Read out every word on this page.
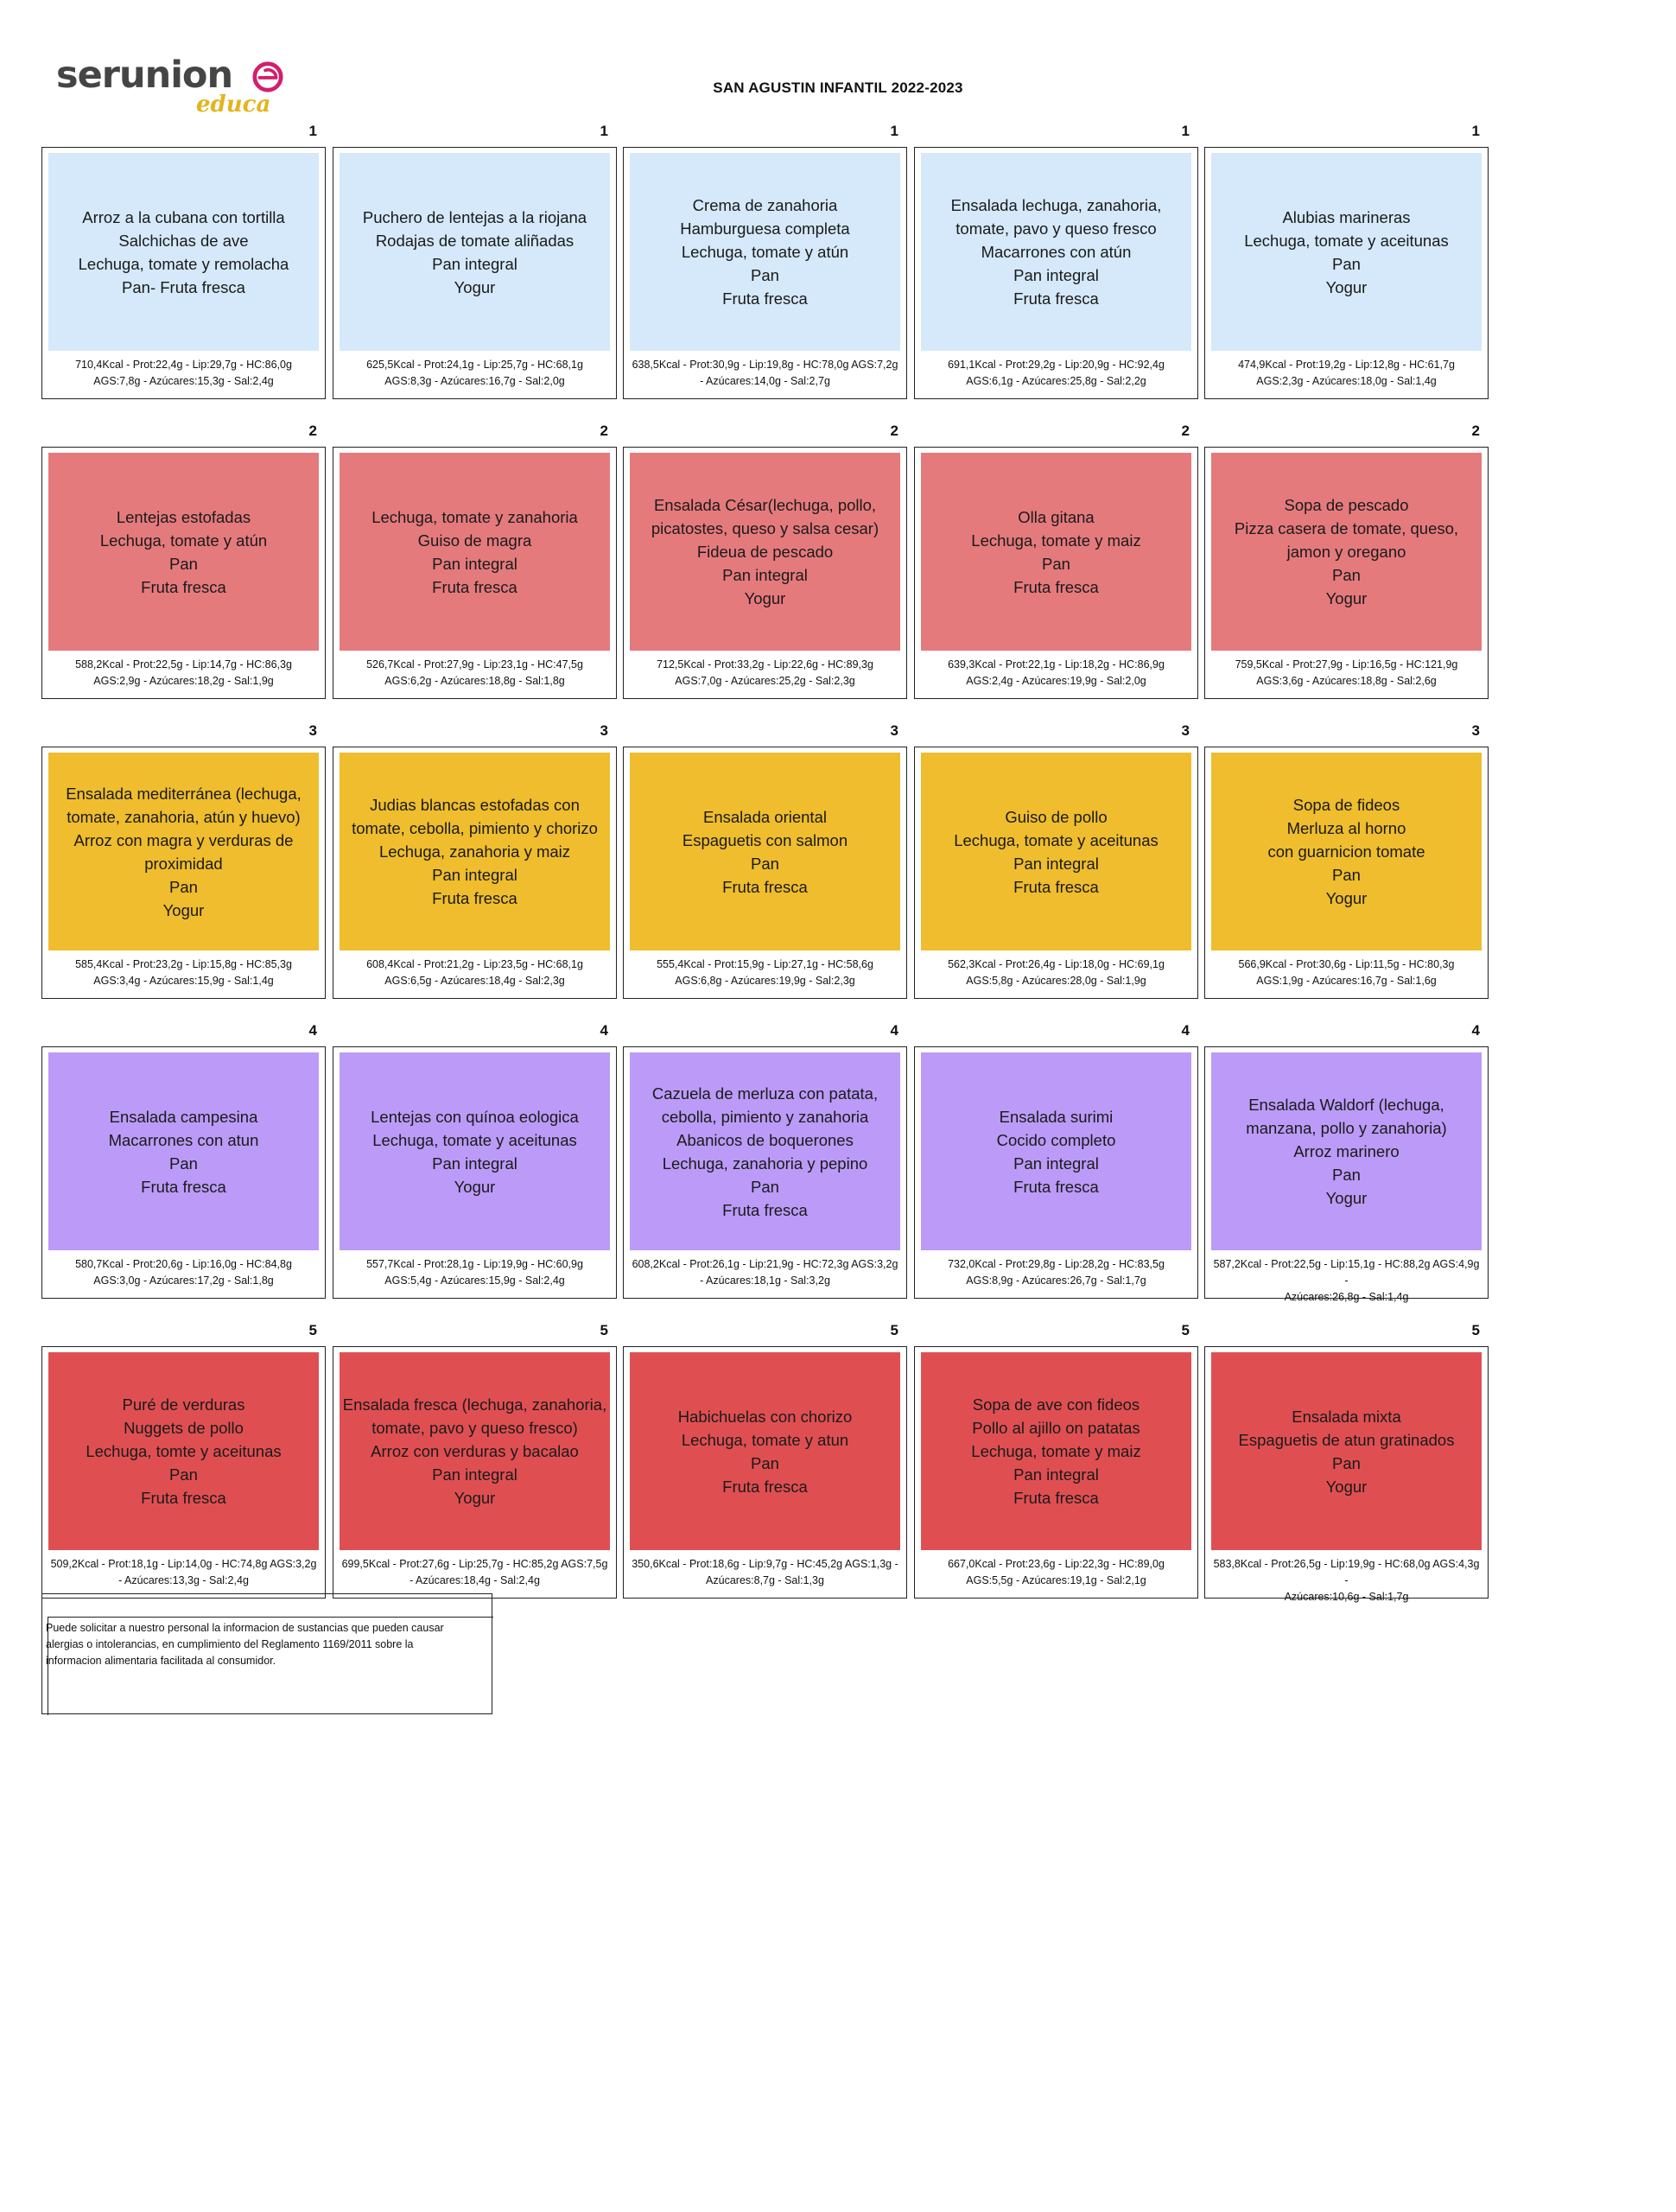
serunion
educa
SAN AGUSTIN INFANTIL 2022-2023
1
Arroz a la cubana con tortilla
Salchichas de ave
Lechuga, tomate y remolacha
Pan- Fruta fresca
710,4Kcal - Prot:22,4g - Lip:29,7g - HC:86,0g
AGS:7,8g - Azúcares:15,3g - Sal:2,4g
1
Puchero de lentejas a la riojana
Rodajas de tomate aliñadas
Pan integral
Yogur
625,5Kcal - Prot:24,1g - Lip:25,7g - HC:68,1g
AGS:8,3g - Azúcares:16,7g - Sal:2,0g
1
Crema de zanahoria
Hamburguesa completa
Lechuga, tomate y atún
Pan
Fruta fresca
638,5Kcal - Prot:30,9g - Lip:19,8g - HC:78,0g AGS:7,2g
- Azúcares:14,0g - Sal:2,7g
1
Ensalada lechuga, zanahoria,
tomate, pavo y queso fresco
Macarrones con atún
Pan integral
Fruta fresca
691,1Kcal - Prot:29,2g - Lip:20,9g - HC:92,4g
AGS:6,1g - Azúcares:25,8g - Sal:2,2g
1
Alubias marineras
Lechuga, tomate y aceitunas
Pan
Yogur
474,9Kcal - Prot:19,2g - Lip:12,8g - HC:61,7g
AGS:2,3g - Azúcares:18,0g - Sal:1,4g
2
Lentejas estofadas
Lechuga, tomate y atún
Pan
Fruta fresca
588,2Kcal - Prot:22,5g - Lip:14,7g - HC:86,3g
AGS:2,9g - Azúcares:18,2g - Sal:1,9g
2
Lechuga, tomate y zanahoria
Guiso de magra
Pan integral
Fruta fresca
526,7Kcal - Prot:27,9g - Lip:23,1g - HC:47,5g
AGS:6,2g - Azúcares:18,8g - Sal:1,8g
2
Ensalada César(lechuga, pollo,
picatostes, queso y salsa cesar)
Fideua de pescado
Pan integral
Yogur
712,5Kcal - Prot:33,2g - Lip:22,6g - HC:89,3g
AGS:7,0g - Azúcares:25,2g - Sal:2,3g
2
Olla gitana
Lechuga, tomate y maiz
Pan
Fruta fresca
639,3Kcal - Prot:22,1g - Lip:18,2g - HC:86,9g
AGS:2,4g - Azúcares:19,9g - Sal:2,0g
2
Sopa de pescado
Pizza casera de tomate, queso,
jamon y oregano
Pan
Yogur
759,5Kcal - Prot:27,9g - Lip:16,5g - HC:121,9g
AGS:3,6g - Azúcares:18,8g - Sal:2,6g
3
Ensalada mediterránea (lechuga,
tomate, zanahoria, atún y huevo)
Arroz con magra y verduras de
proximidad
Pan
Yogur
585,4Kcal - Prot:23,2g - Lip:15,8g - HC:85,3g
AGS:3,4g - Azúcares:15,9g - Sal:1,4g
3
Judias blancas estofadas con
tomate, cebolla, pimiento y chorizo
Lechuga, zanahoria y maiz
Pan integral
Fruta fresca
608,4Kcal - Prot:21,2g - Lip:23,5g - HC:68,1g
AGS:6,5g - Azúcares:18,4g - Sal:2,3g
3
Ensalada oriental
Espaguetis con salmon
Pan
Fruta fresca
555,4Kcal - Prot:15,9g - Lip:27,1g - HC:58,6g
AGS:6,8g - Azúcares:19,9g - Sal:2,3g
3
Guiso de pollo
Lechuga, tomate y aceitunas
Pan integral
Fruta fresca
562,3Kcal - Prot:26,4g - Lip:18,0g - HC:69,1g
AGS:5,8g - Azúcares:28,0g - Sal:1,9g
3
Sopa de fideos
Merluza al horno
con guarnicion tomate
Pan
Yogur
566,9Kcal - Prot:30,6g - Lip:11,5g - HC:80,3g
AGS:1,9g - Azúcares:16,7g - Sal:1,6g
4
Ensalada campesina
Macarrones con atun
Pan
Fruta fresca
580,7Kcal - Prot:20,6g - Lip:16,0g - HC:84,8g
AGS:3,0g - Azúcares:17,2g - Sal:1,8g
4
Lentejas con quínoa eologica
Lechuga, tomate y aceitunas
Pan integral
Yogur
557,7Kcal - Prot:28,1g - Lip:19,9g - HC:60,9g
AGS:5,4g - Azúcares:15,9g - Sal:2,4g
4
Cazuela de merluza con patata,
cebolla, pimiento y zanahoria
Abanicos de boquerones
Lechuga, zanahoria y pepino
Pan
Fruta fresca
608,2Kcal - Prot:26,1g - Lip:21,9g - HC:72,3g AGS:3,2g
- Azúcares:18,1g - Sal:3,2g
4
Ensalada surimi
Cocido completo
Pan integral
Fruta fresca
732,0Kcal - Prot:29,8g - Lip:28,2g - HC:83,5g
AGS:8,9g - Azúcares:26,7g - Sal:1,7g
4
Ensalada Waldorf (lechuga,
manzana, pollo y zanahoria)
Arroz marinero
Pan
Yogur
587,2Kcal - Prot:22,5g - Lip:15,1g - HC:88,2g AGS:4,9g -
Azúcares:26,8g - Sal:1,4g
5
Puré de verduras
Nuggets de pollo
Lechuga, tomte y aceitunas
Pan
Fruta fresca
509,2Kcal - Prot:18,1g - Lip:14,0g - HC:74,8g AGS:3,2g
- Azúcares:13,3g - Sal:2,4g
5
Ensalada fresca (lechuga, zanahoria,
tomate, pavo y queso fresco)
Arroz con verduras y bacalao
Pan integral
Yogur
699,5Kcal - Prot:27,6g - Lip:25,7g - HC:85,2g AGS:7,5g
- Azúcares:18,4g - Sal:2,4g
5
Habichuelas con chorizo
Lechuga, tomate y atun
Pan
Fruta fresca
350,6Kcal - Prot:18,6g - Lip:9,7g - HC:45,2g AGS:1,3g -
Azúcares:8,7g - Sal:1,3g
5
Sopa de ave con fideos
Pollo al ajillo on patatas
Lechuga, tomate y maiz
Pan integral
Fruta fresca
667,0Kcal - Prot:23,6g - Lip:22,3g - HC:89,0g
AGS:5,5g - Azúcares:19,1g - Sal:2,1g
5
Ensalada mixta
Espaguetis de atun gratinados
Pan
Yogur
583,8Kcal - Prot:26,5g - Lip:19,9g - HC:68,0g AGS:4,3g -
Azúcares:10,6g - Sal:1,7g
Puede solicitar a nuestro personal la informacion de sustancias que pueden causar
alergias o intolerancias, en cumplimiento del Reglamento 1169/2011 sobre la
informacion alimentaria facilitada al consumidor.
